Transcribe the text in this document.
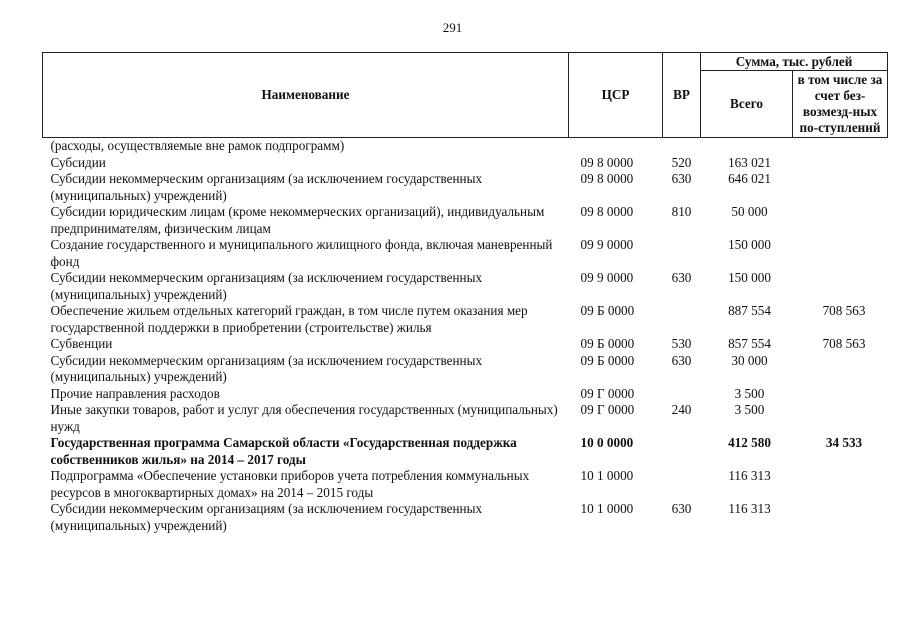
291
Наименование	ЦСР	ВР	Сумма, тыс. рублей	
			Всего	в том числе за счет без-возмезд-ных по-ступлений
(расходы, осуществляемые вне рамок подпрограмм)				
Субсидии	09 8 0000	520	163 021	
Субсидии некоммерческим организациям (за исключением государственных (муниципальных) учреждений)	09 8 0000	630	646 021	
Субсидии юридическим лицам (кроме некоммерческих организаций), индивидуальным предпринимателям, физическим лицам	09 8 0000	810	50 000	
Создание государственного и муниципального жилищного фонда, включая маневренный фонд	09 9 0000		150 000	
Субсидии некоммерческим организациям (за исключением государственных (муниципальных) учреждений)	09 9 0000	630	150 000	
Обеспечение жильем отдельных категорий граждан, в том числе путем оказания мер государственной поддержки в приобретении (строительстве) жилья	09 Б 0000		887 554	708 563
Субвенции	09 Б 0000	530	857 554	708 563
Субсидии некоммерческим организациям (за исключением государственных (муниципальных) учреждений)	09 Б 0000	630	30 000	
Прочие направления расходов	09 Г 0000		3 500	
Иные закупки товаров, работ и услуг для обеспечения государственных (муниципальных) нужд	09 Г 0000	240	3 500	
Государственная программа Самарской области «Государственная поддержка собственников жилья» на 2014 – 2017 годы	10 0 0000		412 580	34 533
Подпрограмма «Обеспечение установки приборов учета потребления коммунальных ресурсов в многоквартирных домах» на 2014 – 2015 годы	10 1 0000		116 313	
Субсидии некоммерческим организациям (за исключением государственных (муниципальных) учреждений)	10 1 0000	630	116 313	
